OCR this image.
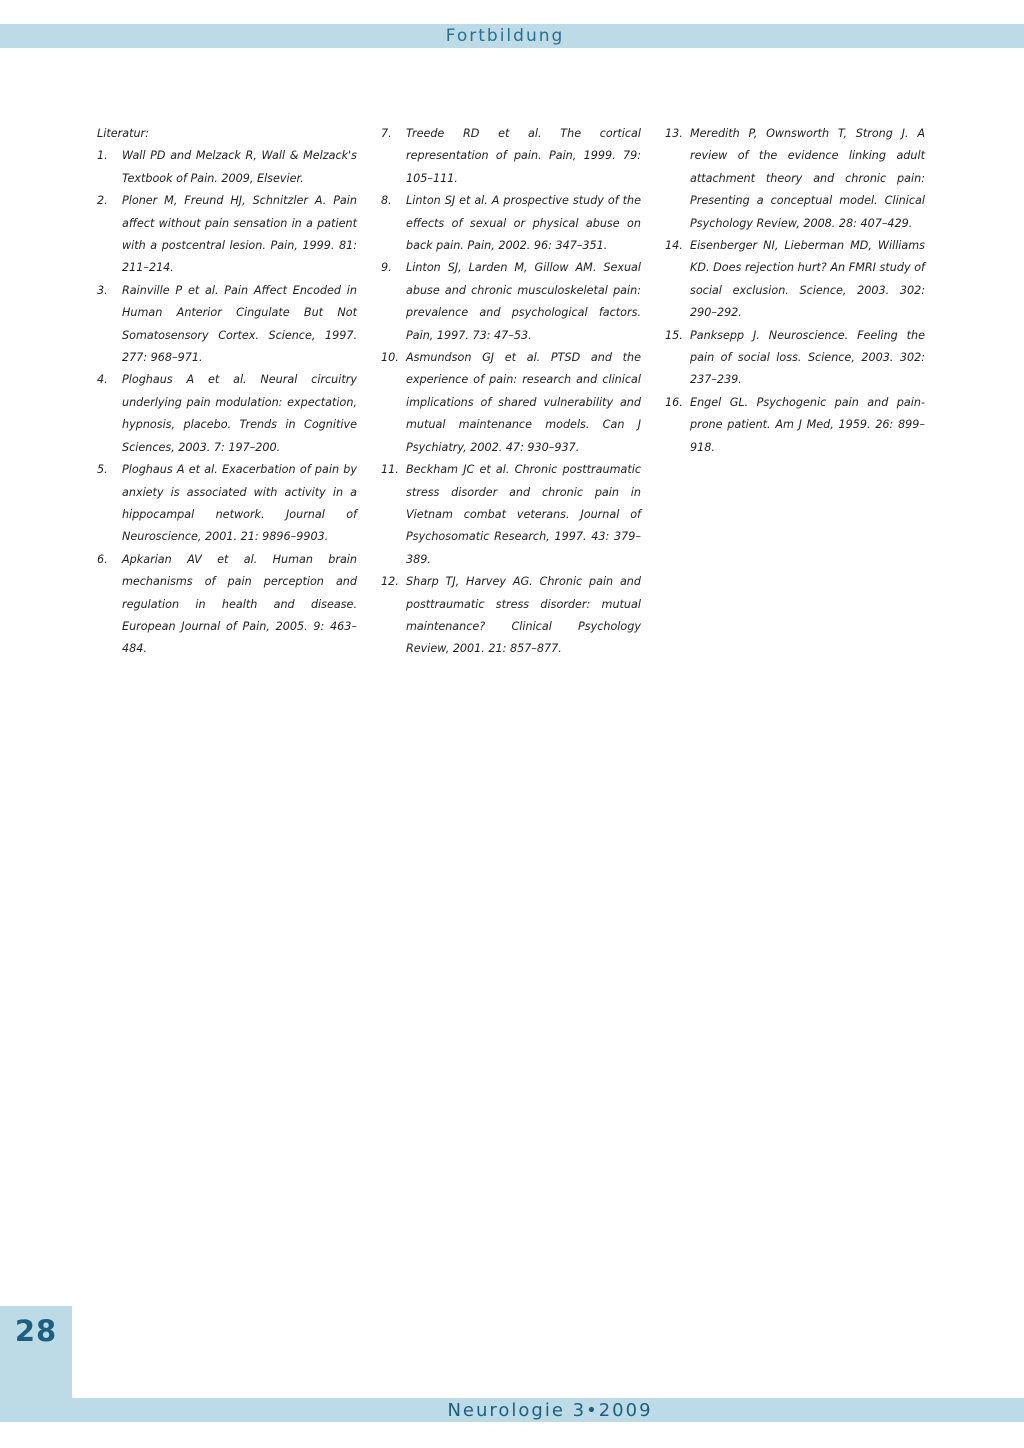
Fortbildung
Literatur:
1.	Wall PD and Melzack R, Wall & Melzack's Textbook of Pain. 2009, Elsevier.
2.	Ploner M, Freund HJ, Schnitzler A. Pain affect without pain sensation in a patient with a postcentral lesion. Pain, 1999. 81: 211–214.
3.	Rainville P et al. Pain Affect Encoded in Human Anterior Cingulate But Not Somatosensory Cortex. Science, 1997. 277: 968–971.
4.	Ploghaus A et al. Neural circuitry underlying pain modulation: expectation, hypnosis, placebo. Trends in Cognitive Sciences, 2003. 7: 197–200.
5.	Ploghaus A et al. Exacerbation of pain by anxiety is associated with activity in a hippocampal network. Journal of Neuroscience, 2001. 21: 9896–9903.
6.	Apkarian AV et al. Human brain mechanisms of pain perception and regulation in health and disease. European Journal of Pain, 2005. 9: 463–484.
7.	Treede RD et al. The cortical representation of pain. Pain, 1999. 79: 105–111.
8.	Linton SJ et al. A prospective study of the effects of sexual or physical abuse on back pain. Pain, 2002. 96: 347–351.
9.	Linton SJ, Larden M, Gillow AM. Sexual abuse and chronic musculoskeletal pain: prevalence and psychological factors. Pain, 1997. 73: 47–53.
10. Asmundson GJ et al. PTSD and the experience of pain: research and clinical implications of shared vulnerability and mutual maintenance models. Can J Psychiatry, 2002. 47: 930–937.
11. Beckham JC et al. Chronic posttraumatic stress disorder and chronic pain in Vietnam combat veterans. Journal of Psychosomatic Research, 1997. 43: 379–389.
12. Sharp TJ, Harvey AG. Chronic pain and posttraumatic stress disorder: mutual maintenance? Clinical Psychology Review, 2001. 21: 857–877.
13. Meredith P, Ownsworth T, Strong J. A review of the evidence linking adult attachment theory and chronic pain: Presenting a conceptual model. Clinical Psychology Review, 2008. 28: 407–429.
14. Eisenberger NI, Lieberman MD, Williams KD. Does rejection hurt? An FMRI study of social exclusion. Science, 2003. 302: 290–292.
15. Panksepp J. Neuroscience. Feeling the pain of social loss. Science, 2003. 302: 237–239.
16. Engel GL. Psychogenic pain and pain-prone patient. Am J Med, 1959. 26: 899–918.
28
Neurologie 3•2009
